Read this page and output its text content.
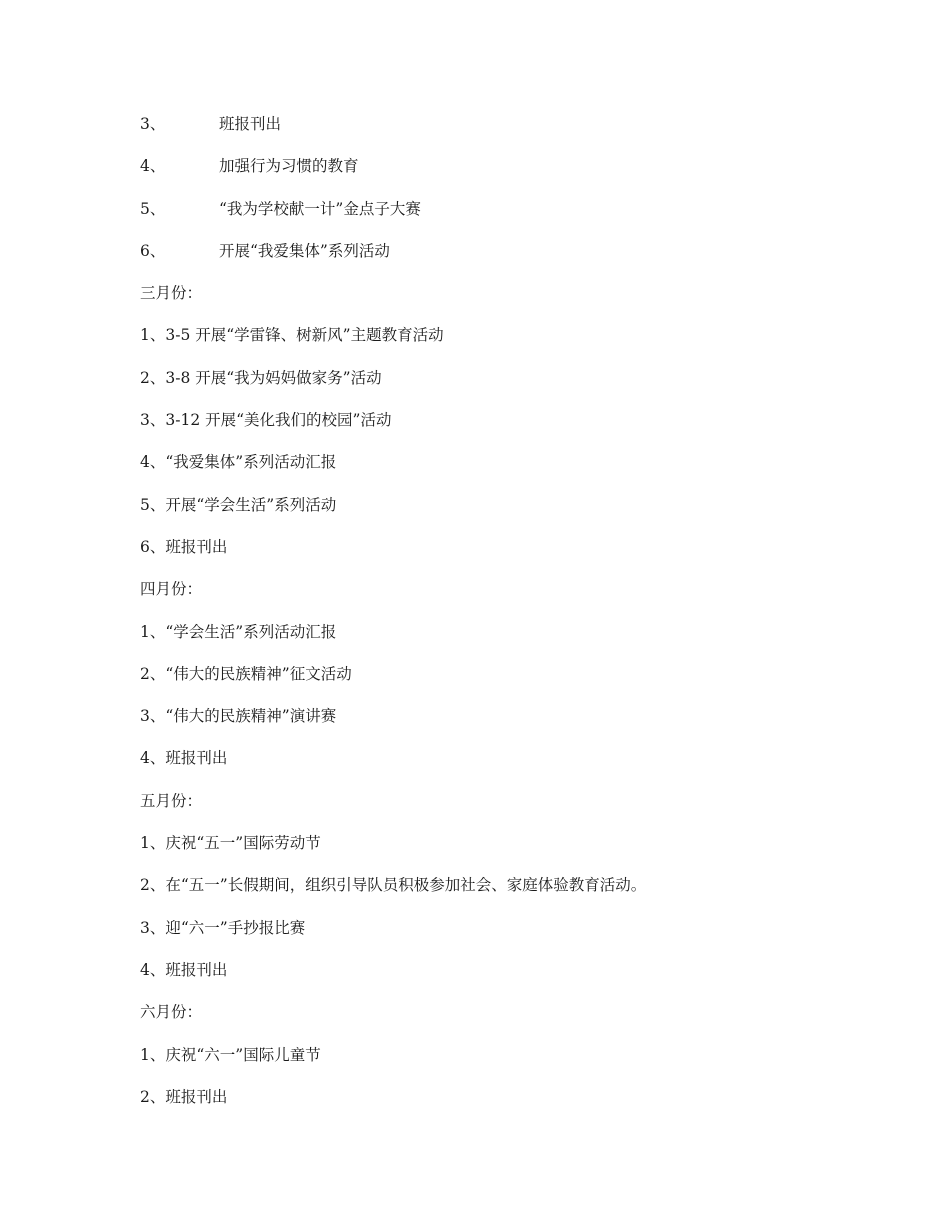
3、	班报刊出
4、	加强行为习惯的教育
5、	“我为学校献一计”金点子大赛
6、	开展“我爱集体”系列活动
三月份：
1、3-5 开展“学雷锋、树新风”主题教育活动
2、3-8 开展“我为妈妈做家务”活动
3、3-12 开展“美化我们的校园”活动
4、“我爱集体”系列活动汇报
5、开展“学会生活”系列活动
6、班报刊出
四月份：
1、“学会生活”系列活动汇报
2、“伟大的民族精神”征文活动
3、“伟大的民族精神”演讲赛
4、班报刊出
五月份：
1、庆祝“五一”国际劳动节
2、在“五一”长假期间，组织引导队员积极参加社会、家庭体验教育活动。
3、迎“六一”手抄报比赛
4、班报刊出
六月份：
1、庆祝“六一”国际儿童节
2、班报刊出
